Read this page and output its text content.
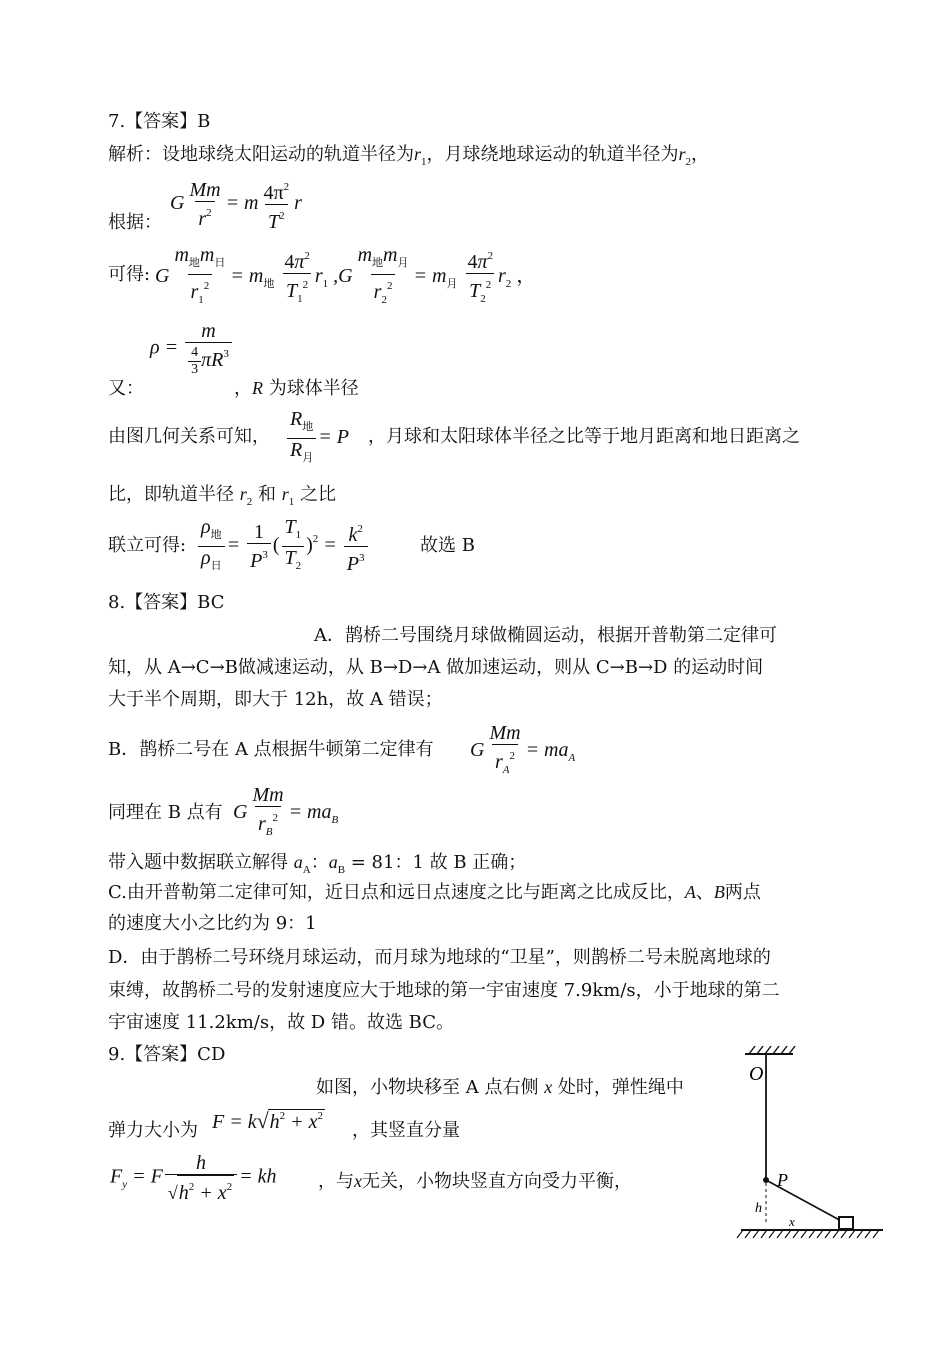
7.【答案】B
解析：设地球绕太阳运动的轨道半径为$r_1$，月球绕地球运动的轨道半径为$r_2$，
G $\frac{Mm}{r^2} = m \frac{4\pi^2}{T^2}$ r
根据：
可得: G $\frac{m_地m_日}{r_1^2} = m_地 \frac{4\pi^2}{T_1^2} r_1$ $,G \frac{m_地m_月}{r_2^2} = m_月 \frac{4\pi^2}{T_2^2} r_2$ ，
$\rho = \frac{m}{\frac{4}{3} \pi R^3}$
又：	，R 为球体半径
由图几何关系可知， $\frac{R_地}{R_月} = P$ ，月球和太阳球体半径之比等于地月距离和地日距离之
比，即轨道半径 $r_2$ 和 $r_1$ 之比
联立可得: $\frac{\rho_地}{\rho_日} = \frac{1}{P^3}$ ( $\frac{T_1}{T_2} )^2 = \frac{k^2}{P^3}$	故选 B
8.【答案】BC
A．鹊桥二号围绕月球做椭圆运动，根据开普勒第二定律可
知，从 A→C→B做减速运动，从 B→D→A 做加速运动，则从 C→B→D 的运动时间
大于半个周期，即大于 12h，故 A 错误；
B．鹊桥二号在 A 点根据牛顿第二定律有 G $\frac{Mm}{r_A^2} = ma_A$
同理在 B 点有 G $\frac{Mm}{r_B^2} = ma_B$
带入题中数据联立解得 $a_A$：$a_B = 81$：1 故 B 正确；
C.由开普勒第二定律可知，近日点和远日点速度之比与距离之比成反比，A、B两点
的速度大小之比约为 9：1
D．由于鹊桥二号环绕月球运动，而月球为地球的“卫星”，则鹊桥二号未脱离地球的
束缚，故鹊桥二号的发射速度应大于地球的第一宇宙速度 7.9km/s，小于地球的第二
宇宙速度 11.2km/s，故 D 错。故选 BC。
9.【答案】CD
如图，小物块移至 A 点右侧 x 处时，弹性绳中
弹力大小为 $F = k√h^2 + x^2$
，其竖直分量
$F_y = F \frac{h}{√h^2 + x^2}$ = kh ，与x无关，小物块竖直方向受力平衡，
O
P
h
x
